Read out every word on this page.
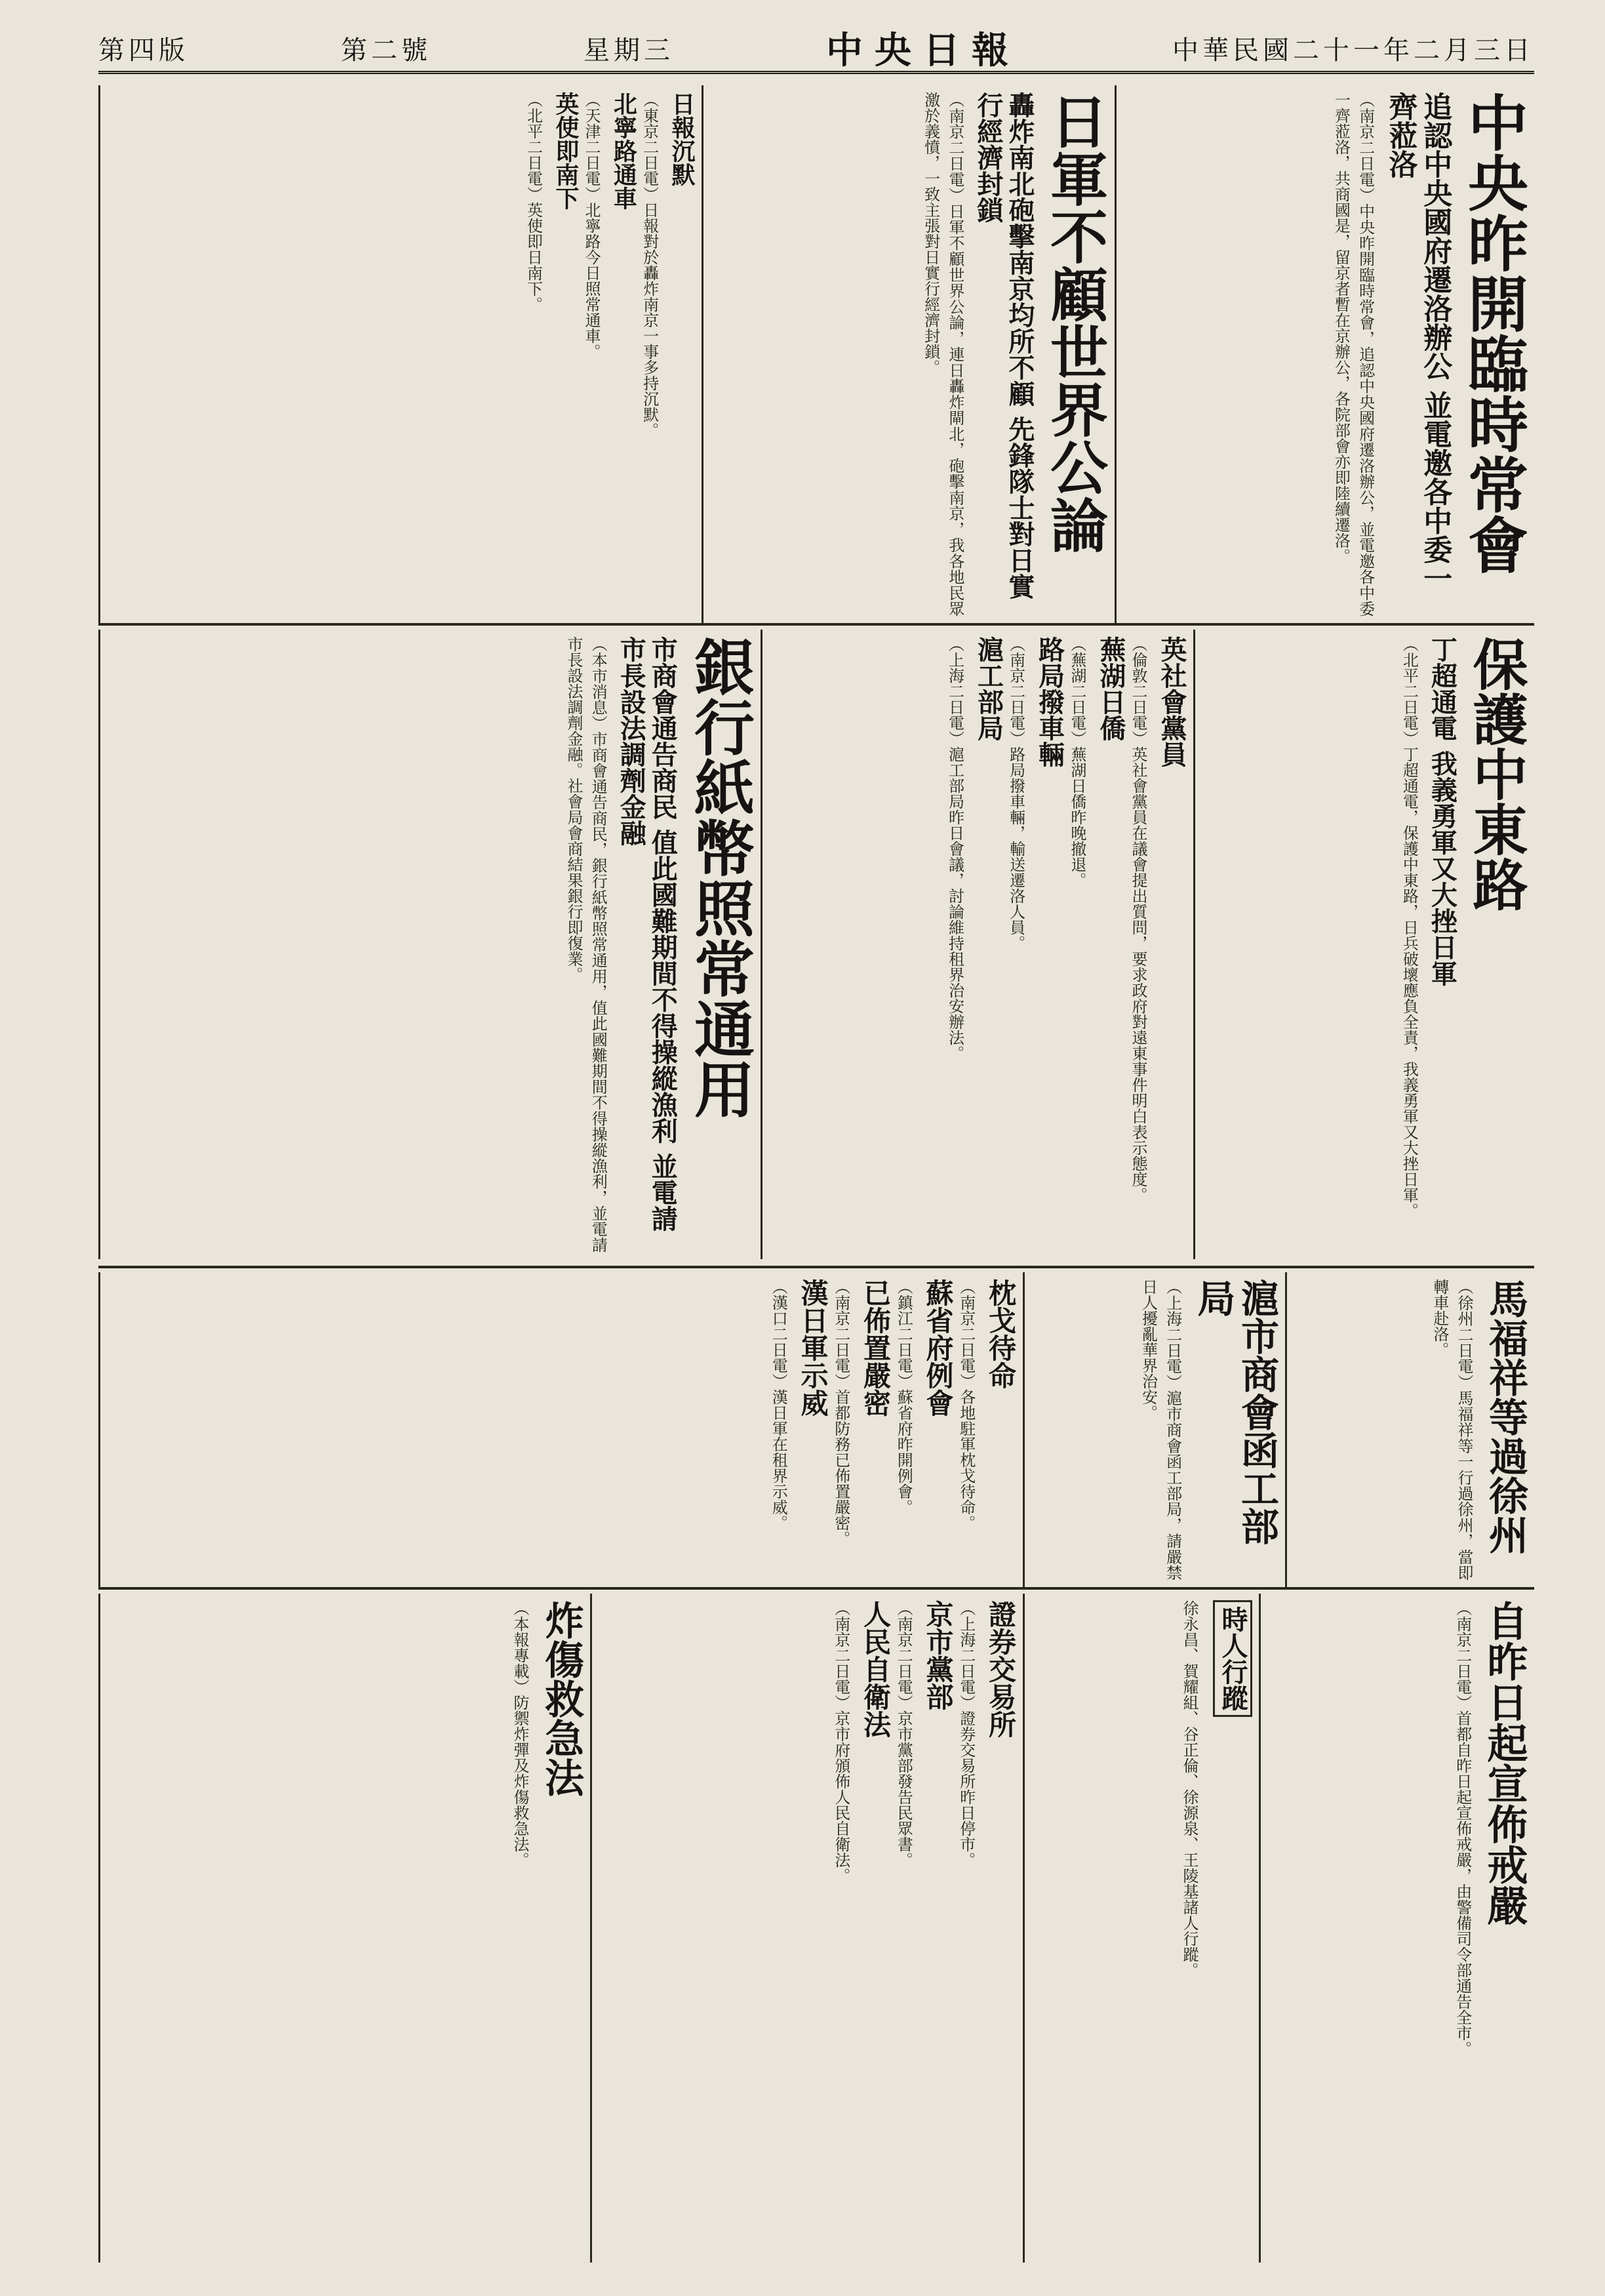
中華民國二十一年二月三日
中央日報
星期三
第二號
第四版
中央昨開臨時常會
追認中央國府遷洛辦公 並電邀各中委一齊蒞洛
（南京二日電）中央昨開臨時常會，追認中央國府遷洛辦公，並電邀各中委一齊蒞洛，共商國是，留京者暫在京辦公，各院部會亦即陸續遷洛。
日軍不顧世界公論
轟炸南北砲擊南京均所不顧 先鋒隊士對日實行經濟封鎖
（南京二日電）日軍不顧世界公論，連日轟炸閘北，砲擊南京，我各地民眾激於義憤，一致主張對日實行經濟封鎖。
日報沉默
（東京二日電）日報對於轟炸南京一事多持沉默。
北寧路通車
（天津二日電）北寧路今日照常通車。
英使即南下
（北平二日電）英使即日南下。
保護中東路
丁超通電 我義勇軍又大挫日軍
（北平二日電）丁超通電，保護中東路，日兵破壞應負全責，我義勇軍又大挫日軍。
英社會黨員
（倫敦二日電）英社會黨員在議會提出質問，要求政府對遠東事件明白表示態度。
蕪湖日僑
（蕪湖二日電）蕪湖日僑昨晚撤退。
路局撥車輛
（南京二日電）路局撥車輛，輸送遷洛人員。
滬工部局
（上海二日電）滬工部局昨日會議，討論維持租界治安辦法。
銀行紙幣照常通用
市商會通告商民 值此國難期間不得操縱漁利 並電請市長設法調劑金融
（本市消息）市商會通告商民，銀行紙幣照常通用，值此國難期間不得操縱漁利，並電請市長設法調劑金融。社會局會商結果銀行即復業。
馬福祥等過徐州
（徐州二日電）馬福祥等一行過徐州，當即轉車赴洛。
滬市商會函工部局
（上海二日電）滬市商會函工部局，請嚴禁日人擾亂華界治安。
枕戈待命
（南京二日電）各地駐軍枕戈待命。
蘇省府例會
（鎮江二日電）蘇省府昨開例會。
已佈置嚴密
（南京二日電）首都防務已佈置嚴密。
漢日軍示威
（漢口二日電）漢日軍在租界示威。
自昨日起宣佈戒嚴
（南京二日電）首都自昨日起宣佈戒嚴，由警備司令部通告全市。
時人行蹤
徐永昌、賀耀組、谷正倫、徐源泉、王陵基諸人行蹤。
證券交易所
（上海二日電）證券交易所昨日停市。
京市黨部
（南京二日電）京市黨部發告民眾書。
人民自衛法
（南京二日電）京市府頒佈人民自衛法。
炸傷救急法
（本報專載）防禦炸彈及炸傷救急法。
